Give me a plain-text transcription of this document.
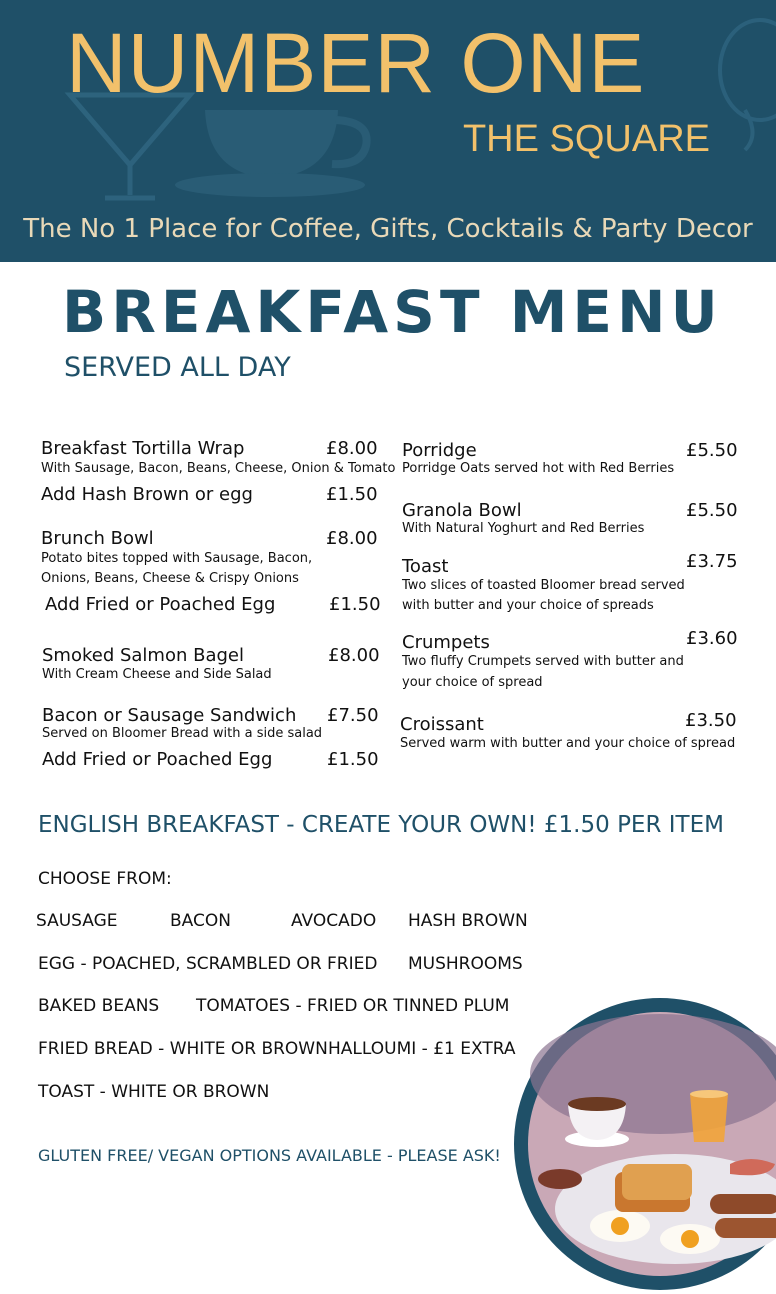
NUMBER ONE
THE SQUARE
The No 1 Place for Coffee, Gifts, Cocktails & Party Decor
BREAKFAST MENU
SERVED ALL DAY
Breakfast Tortilla Wrap	£8.00
With Sausage, Bacon, Beans, Cheese, Onion & Tomato
Add Hash Brown or egg	£1.50
Brunch Bowl	£8.00
Potato bites topped with Sausage, Bacon,
Onions, Beans, Cheese & Crispy Onions
Add Fried or Poached Egg	£1.50
Smoked Salmon Bagel	£8.00
With Cream Cheese and Side Salad
Bacon or Sausage Sandwich £7.50
Served on Bloomer Bread with a side salad
Add Fried or Poached Egg	£1.50
Porridge	£5.50
Porridge Oats served hot with Red Berries
Granola Bowl	£5.50
With Natural Yoghurt and Red Berries
Toast	£3.75
Two slices of toasted Bloomer bread served
with butter and your choice of spreads
Crumpets	£3.60
Two fluffy Crumpets served with butter and
your choice of spread
Croissant	£3.50
Served warm with butter and your choice of spread
ENGLISH BREAKFAST - CREATE YOUR OWN! £1.50 PER ITEM
CHOOSE FROM:
SAUSAGE	BACON	AVOCADO HASH BROWN
EGG - POACHED, SCRAMBLED OR FRIED MUSHROOMS
BAKED BEANS TOMATOES - FRIED OR TINNED PLUM
FRIED BREAD - WHITE OR BROWN HALLOUMI - £1 EXTRA
TOAST - WHITE OR BROWN
GLUTEN FREE/ VEGAN OPTIONS AVAILABLE - PLEASE ASK!
